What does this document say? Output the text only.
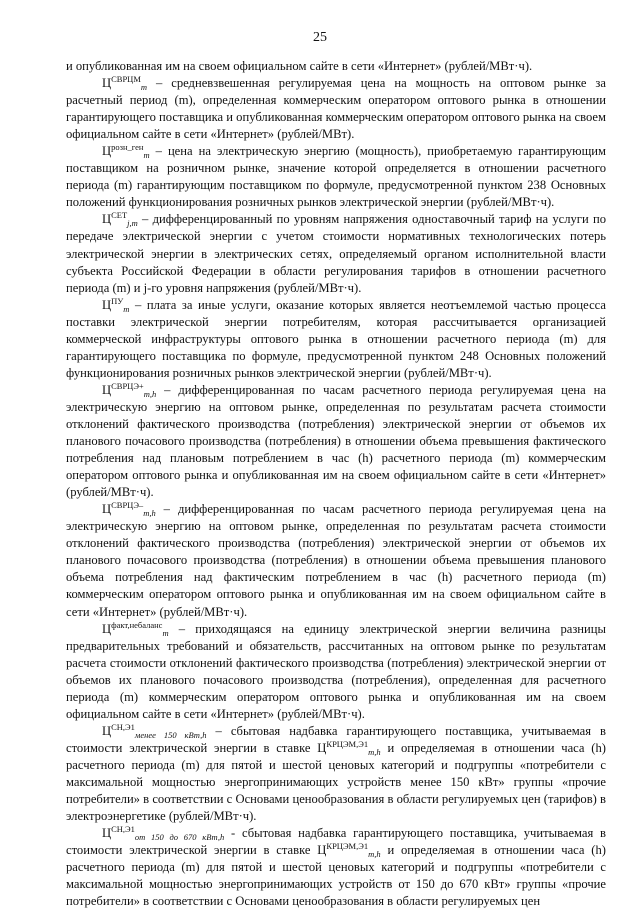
25

и опубликованная им на своем официальном сайте в сети «Интернет» (рублей/МВт·ч).

$Ц^{СВРЦМ}_m$ – средневзвешенная регулируемая цена на мощность на оптовом рынке за расчетный период (m), определенная коммерческим оператором оптового рынка в отношении гарантирующего поставщика и опубликованная коммерческим оператором оптового рынка на своем официальном сайте в сети «Интернет» (рублей/МВт).

$Ц^{розн\_ген}_m$ – цена на электрическую энергию (мощность), приобретаемую гарантирующим поставщиком на розничном рынке, значение которой определяется в отношении расчетного периода (m) гарантирующим поставщиком по формуле, предусмотренной пунктом 238 Основных положений функционирования розничных рынков электрической энергии (рублей/МВт·ч).

$Ц^{СЕТ}_{j,m}$ – дифференцированный по уровням напряжения одноставочный тариф на услуги по передаче электрической энергии с учетом стоимости нормативных технологических потерь электрической энергии в электрических сетях, определяемый органом исполнительной власти субъекта Российской Федерации в области регулирования тарифов в отношении расчетного периода (m) и j-го уровня напряжения (рублей/МВт·ч).

$Ц^{ПУ}_m$ – плата за иные услуги, оказание которых является неотъемлемой частью процесса поставки электрической энергии потребителям, которая рассчитывается организацией коммерческой инфраструктуры оптового рынка в отношении расчетного периода (m) для гарантирующего поставщика по формуле, предусмотренной пунктом 248 Основных положений функционирования розничных рынков электрической энергии (рублей/МВт·ч).

$Ц^{СВРЦЭ+}_{m,h}$ – дифференцированная по часам расчетного периода регулируемая цена на электрическую энергию на оптовом рынке, определенная по результатам расчета стоимости отклонений фактического производства (потребления) электрической энергии от объемов их планового почасового производства (потребления) в отношении объема превышения фактического потребления над плановым потреблением в час (h) расчетного периода (m) коммерческим оператором оптового рынка и опубликованная им на своем официальном сайте в сети «Интернет» (рублей/МВт·ч).

$Ц^{СВРЦЭ-}_{m,h}$ – дифференцированная по часам расчетного периода регулируемая цена на электрическую энергию на оптовом рынке, определенная по результатам расчета стоимости отклонений фактического производства (потребления) электрической энергии от объемов их планового почасового производства (потребления) в отношении объема превышения планового объема потребления над фактическим потреблением в час (h) расчетного периода (m) коммерческим оператором оптового рынка и опубликованная им на своем официальном сайте в сети «Интернет» (рублей/МВт·ч).

$Ц^{факт,небаланс}_m$ – приходящаяся на единицу электрической энергии величина разницы предварительных требований и обязательств, рассчитанных на оптовом рынке по результатам расчета стоимости отклонений фактического производства (потребления) электрической энергии от объемов их планового почасового производства (потребления), определенная для расчетного периода (m) коммерческим оператором оптового рынка и опубликованная им на своем официальном сайте в сети «Интернет» (рублей/МВт·ч).

$Ц^{СН,Э1}_{менее 150 кВт,h}$ – сбытовая надбавка гарантирующего поставщика, учитываемая в стоимости электрической энергии в ставке $Ц^{КРЦЭМ,Э1}_{m,h}$ и определяемая в отношении часа (h) расчетного периода (m) для пятой и шестой ценовых категорий и подгруппы «потребители с максимальной мощностью энергопринимающих устройств менее 150 кВт» группы «прочие потребители» в соответствии с Основами ценообразования в области регулируемых цен (тарифов) в электроэнергетике (рублей/МВт·ч).

$Ц^{СН,Э1}_{от 150 до 670 кВт,h}$ - сбытовая надбавка гарантирующего поставщика, учитываемая в стоимости электрической энергии в ставке $Ц^{КРЦЭМ,Э1}_{m,h}$ и определяемая в отношении часа (h) расчетного периода (m) для пятой и шестой ценовых категорий и подгруппы «потребители с максимальной мощностью энергопринимающих устройств от 150 до 670 кВт» группы «прочие потребители» в соответствии с Основами ценообразования в области регулируемых цен
